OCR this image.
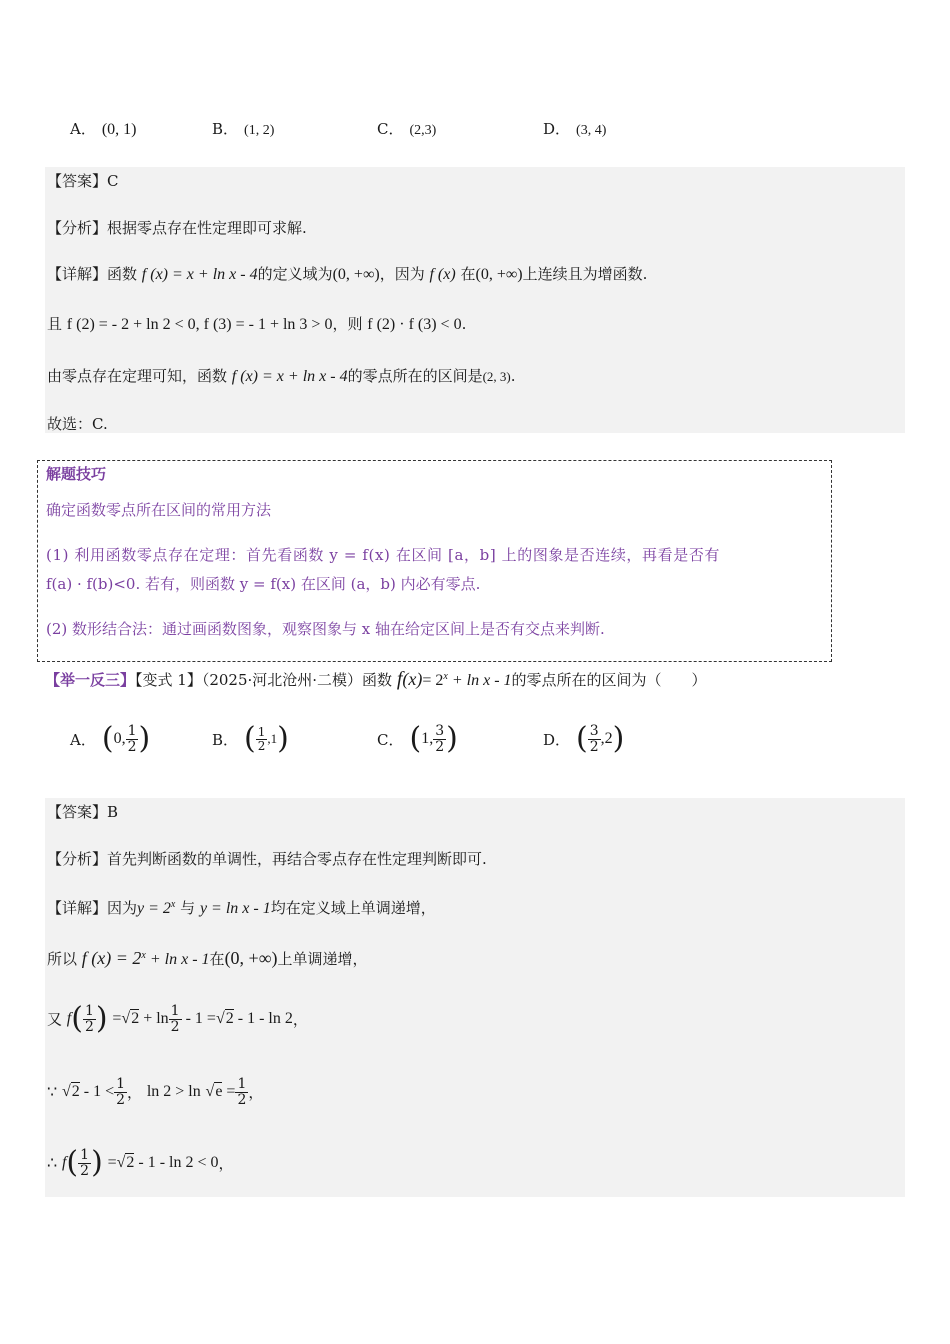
A． (0, 1)	B． (1, 2)	C． (2,3)	D． (3, 4)
【答案】C
【分析】根据零点存在性定理即可求解.
【详解】函数 f (x) = x + ln x - 4的定义域为(0, +∞)，因为 f (x) 在(0, +∞)上连续且为增函数.
且 f (2) = - 2 + ln 2 < 0, f (3) = - 1 + ln 3 > 0，则 f (2) · f (3) < 0.
由零点存在定理可知，函数 f (x) = x + ln x - 4的零点所在的区间是(2, 3).
故选：C.
解题技巧
确定函数零点所在区间的常用方法
(1) 利用函数零点存在定理：首先看函数 y = f(x) 在区间 [a，b] 上的图象是否连续，再看是否有
f(a) · f(b)<0. 若有，则函数 y = f(x) 在区间 (a，b) 内必有零点.
(2) 数形结合法：通过画函数图象，观察图象与 x 轴在给定区间上是否有交点来判断.
【举一反三】【变式 1】（2025·河北沧州·二模）函数 $f(x)= 2^x + \ln x - 1$的零点所在的区间为（　　）
A． (0, $\frac{1}{2}$ )	B． ( $\frac{1}{2} ,1$)	C． (1, $\frac{3}{2}$ )	D． ( $\frac{3}{2} ,2$)
【答案】B
【分析】首先判断函数的单调性，再结合零点存在性定理判断即可.
【详解】因为$y = 2^x$ 与 y = ln x - 1均在定义域上单调递增，
所以 f $(x) = 2^x + \ln x - 1$在(0, +∞)上单调递增，
又 $f( \frac{1}{2}$ ) $=√2 + \ln \frac{1}{2} - 1 =√2 - 1 - \ln 2$，
∵ $√2 - 1 < \frac{1}{2}$ ， $\ln 2 > \ln √e = \frac{1}{2}$ ，
∴ $f( \frac{1}{2}$ ) =√2 - 1 - ln 2 < 0，
